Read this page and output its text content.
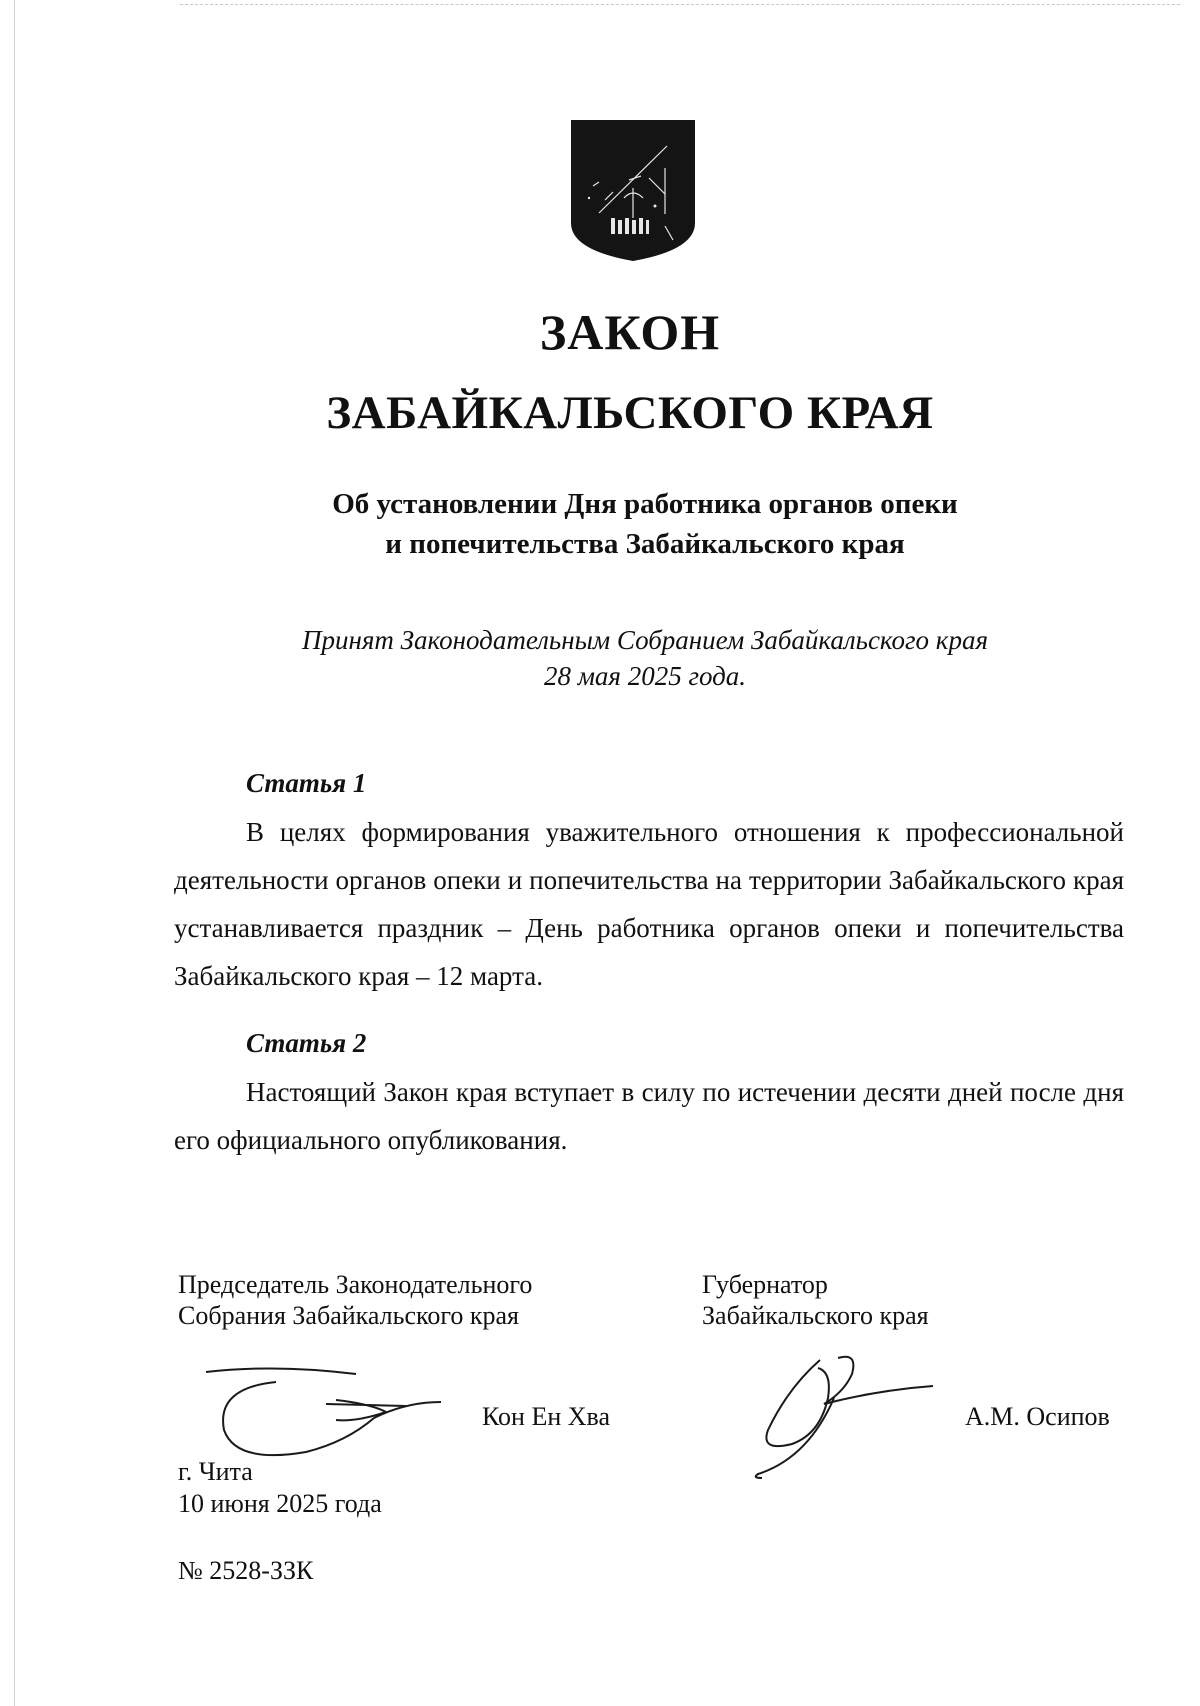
ЗАКОН
ЗАБАЙКАЛЬСКОГО КРАЯ
Об установлении Дня работника органов опеки
и попечительства Забайкальского края
Принят Законодательным Собранием Забайкальского края
28 мая 2025 года.
Статья 1

В целях формирования уважительного отношения к профессиональной деятельности органов опеки и попечительства на территории Забайкальского края устанавливается праздник – День работника органов опеки и попечительства Забайкальского края – 12 марта.

Статья 2

Настоящий Закон края вступает в силу по истечении десяти дней после дня его официального опубликования.

Председатель Законодательного
Собрания Забайкальского края
Кон Ен Хва
Губернатор
Забайкальского края
А.М. Осипов
г. Чита
10 июня 2025 года
№ 2528-ЗЗК
